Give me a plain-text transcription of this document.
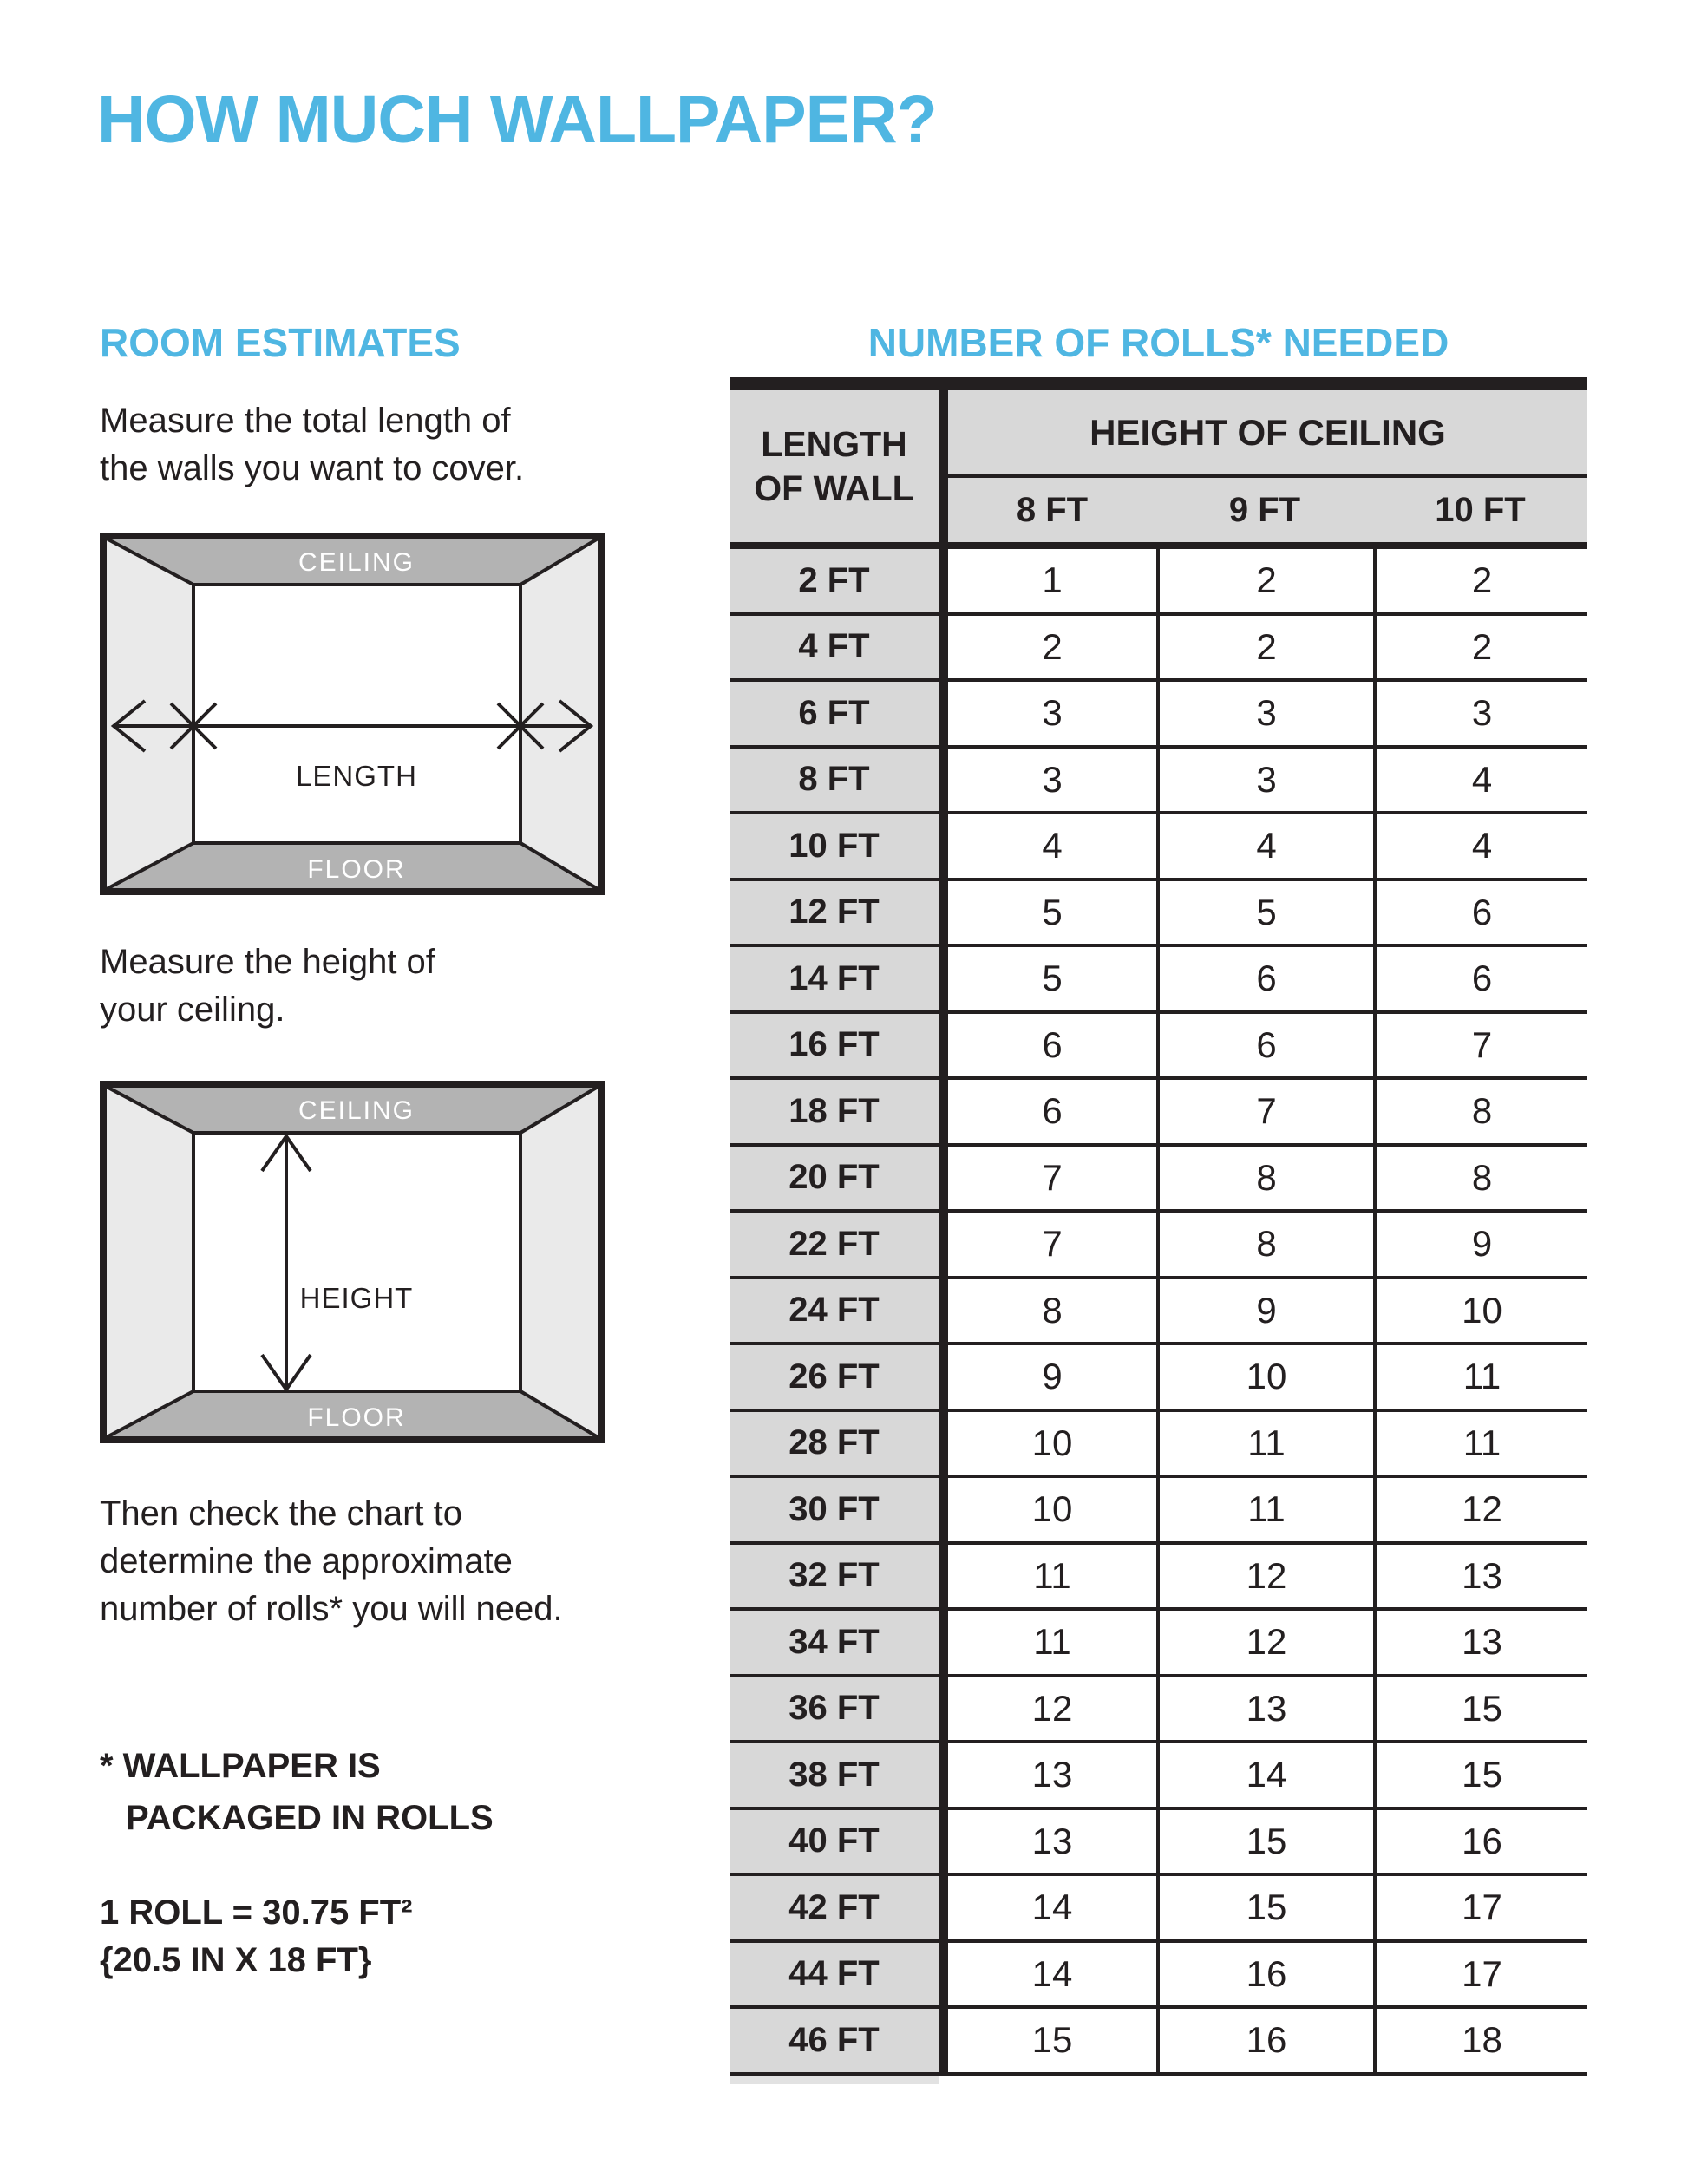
HOW MUCH WALLPAPER?
ROOM ESTIMATES
Measure the total length of
the walls you want to cover.
CEILING
FLOOR
LENGTH
Measure the height of
your ceiling.
CEILING
FLOOR
HEIGHT
Then check the chart to
determine the approximate
number of rolls* you will need.
* WALLPAPER IS
PACKAGED IN ROLLS
1 ROLL = 30.75 FT²
{20.5 IN X 18 FT}
NUMBER OF ROLLS* NEEDED
LENGTH
OF WALL
HEIGHT OF CEILING
8 FT	9 FT	10 FT
2 FT	1	2	2
4 FT	2	2	2
6 FT	3	3	3
8 FT	3	3	4
10 FT	4	4	4
12 FT	5	5	6
14 FT	5	6	6
16 FT	6	6	7
18 FT	6	7	8
20 FT	7	8	8
22 FT	7	8	9
24 FT	8	9	10
26 FT	9	10	11
28 FT	10	11	11
30 FT	10	11	12
32 FT	11	12	13
34 FT	11	12	13
36 FT	12	13	15
38 FT	13	14	15
40 FT	13	15	16
42 FT	14	15	17
44 FT	14	16	17
46 FT	15	16	18
